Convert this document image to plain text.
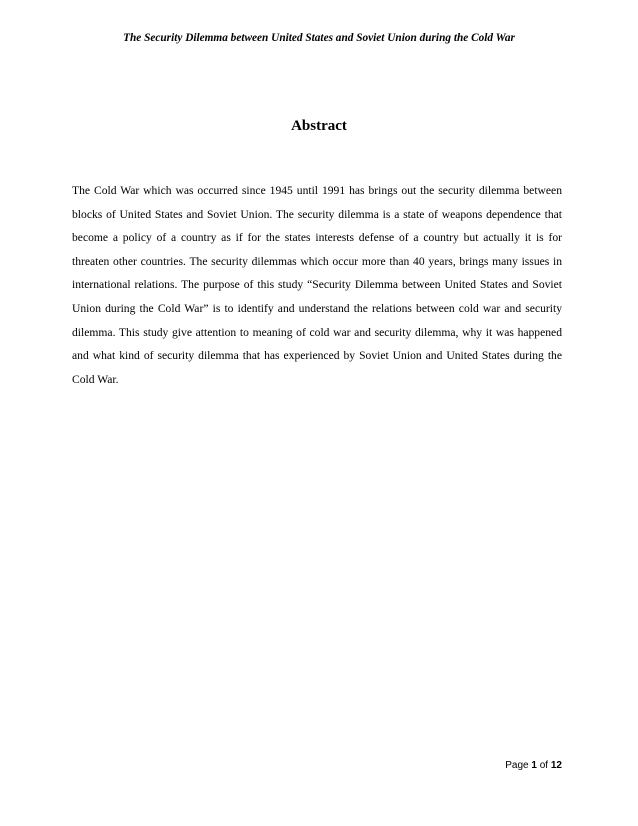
The Security Dilemma between United States and Soviet Union during the Cold War
Abstract

The Cold War which was occurred since 1945 until 1991 has brings out the security dilemma between blocks of United States and Soviet Union. The security dilemma is a state of weapons dependence that become a policy of a country as if for the states interests defense of a country but actually it is for threaten other countries. The security dilemmas which occur more than 40 years, brings many issues in international relations. The purpose of this study “Security Dilemma between United States and Soviet Union during the Cold War” is to identify and understand the relations between cold war and security dilemma. This study give attention to meaning of cold war and security dilemma, why it was happened and what kind of security dilemma that has experienced by Soviet Union and United States during the Cold War.

Page 1 of 12
